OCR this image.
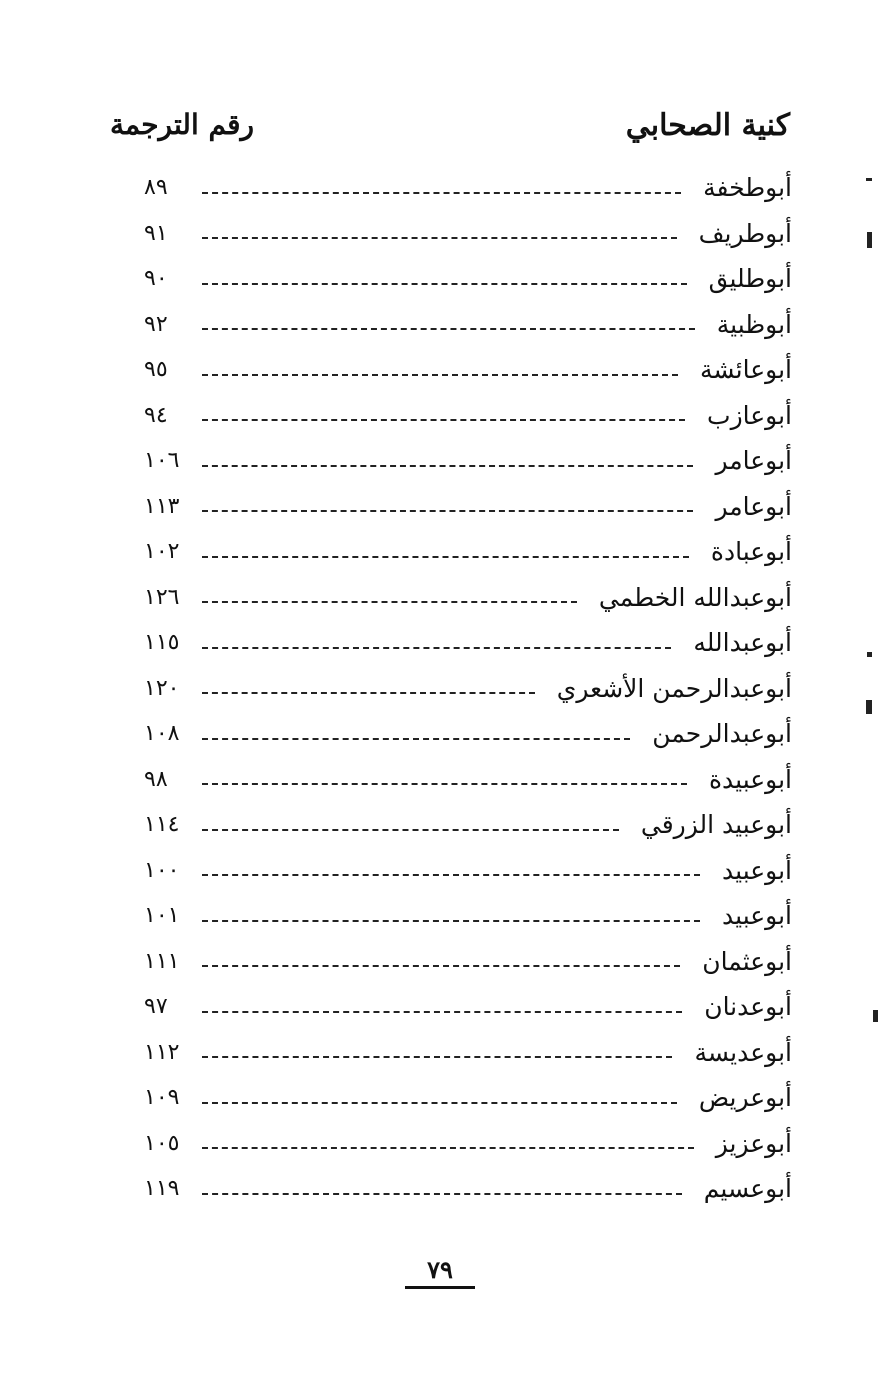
كنية الصحابي
رقم الترجمة
أبوطخفة
٨٩
أبوطريف
٩١
أبوطليق
٩٠
أبوظبية
٩٢
أبوعائشة
٩٥
أبوعازب
٩٤
أبوعامر
١٠٦
أبوعامر
١١٣
أبوعبادة
١٠٢
أبوعبدالله الخطمي
١٢٦
أبوعبدالله
١١٥
أبوعبدالرحمن الأشعري
١٢٠
أبوعبدالرحمن
١٠٨
أبوعبيدة
٩٨
أبوعبيد الزرقي
١١٤
أبوعبيد
١٠٠
أبوعبيد
١٠١
أبوعثمان
١١١
أبوعدنان
٩٧
أبوعديسة
١١٢
أبوعريض
١٠٩
أبوعزيز
١٠٥
أبوعسيم
١١٩
٧٩
